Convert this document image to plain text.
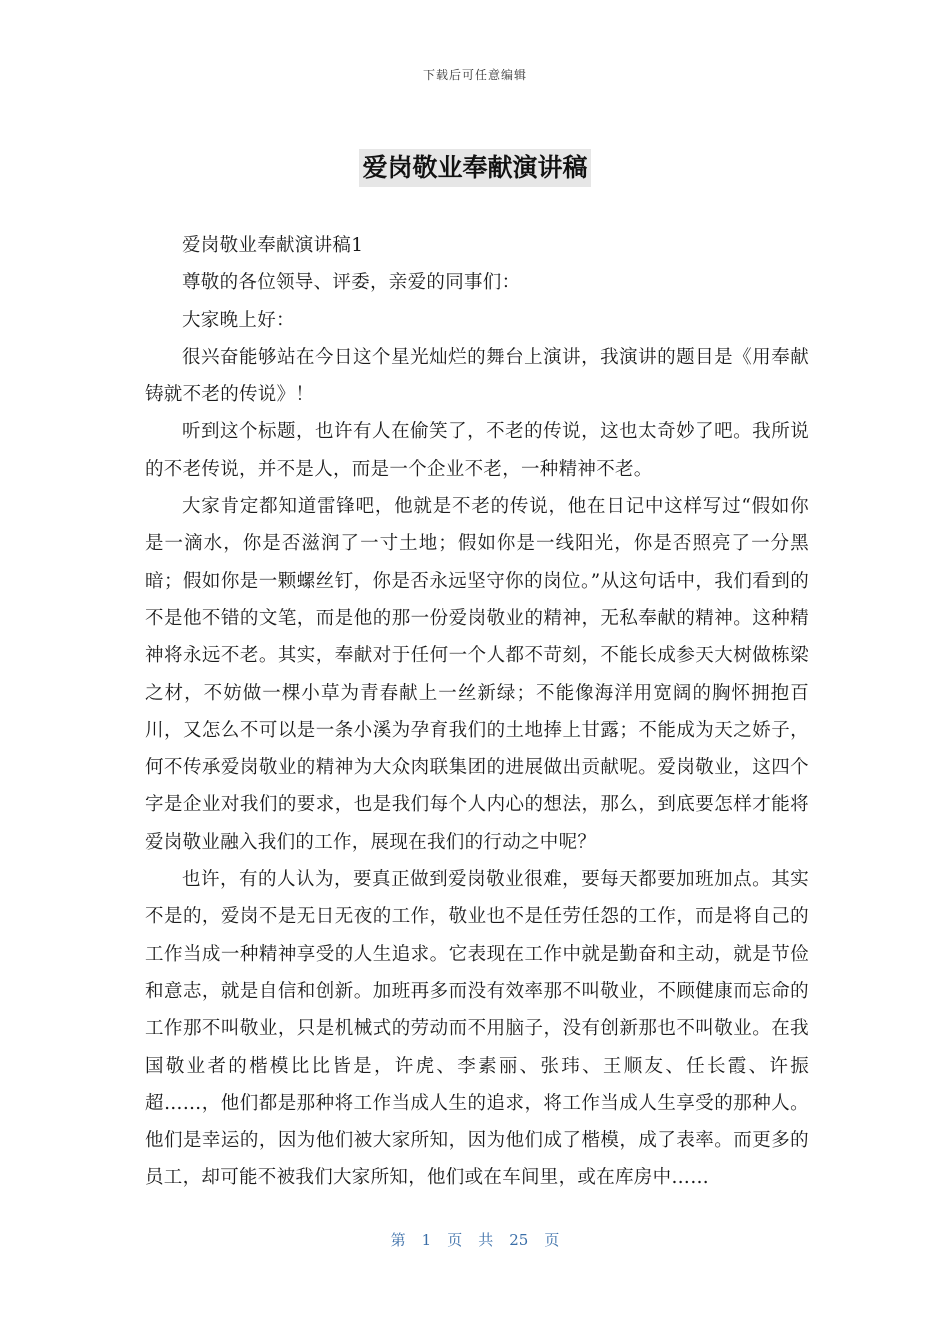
下载后可任意编辑
爱岗敬业奉献演讲稿

爱岗敬业奉献演讲稿1

尊敬的各位领导、评委，亲爱的同事们：

大家晚上好：

很兴奋能够站在今日这个星光灿烂的舞台上演讲，我演讲的题目是《用奉献铸就不老的传说》！

听到这个标题，也许有人在偷笑了，不老的传说，这也太奇妙了吧。我所说的不老传说，并不是人，而是一个企业不老，一种精神不老。

大家肯定都知道雷锋吧，他就是不老的传说，他在日记中这样写过“假如你是一滴水，你是否滋润了一寸土地；假如你是一线阳光，你是否照亮了一分黑暗；假如你是一颗螺丝钉，你是否永远坚守你的岗位。”从这句话中，我们看到的不是他不错的文笔，而是他的那一份爱岗敬业的精神，无私奉献的精神。这种精神将永远不老。其实，奉献对于任何一个人都不苛刻，不能长成参天大树做栋梁之材，不妨做一棵小草为青春献上一丝新绿；不能像海洋用宽阔的胸怀拥抱百川，又怎么不可以是一条小溪为孕育我们的土地捧上甘露；不能成为天之娇子，何不传承爱岗敬业的精神为大众肉联集团的进展做出贡献呢。爱岗敬业，这四个字是企业对我们的要求，也是我们每个人内心的想法，那么，到底要怎样才能将爱岗敬业融入我们的工作，展现在我们的行动之中呢？

也许，有的人认为，要真正做到爱岗敬业很难，要每天都要加班加点。其实不是的，爱岗不是无日无夜的工作，敬业也不是任劳任怨的工作，而是将自己的工作当成一种精神享受的人生追求。它表现在工作中就是勤奋和主动，就是节俭和意志，就是自信和创新。加班再多而没有效率那不叫敬业，不顾健康而忘命的工作那不叫敬业，只是机械式的劳动而不用脑子，没有创新那也不叫敬业。在我国敬业者的楷模比比皆是，许虎、李素丽、张玮、王顺友、任长霞、许振超……，他们都是那种将工作当成人生的追求，将工作当成人生享受的那种人。他们是幸运的，因为他们被大家所知，因为他们成了楷模，成了表率。而更多的员工，却可能不被我们大家所知，他们或在车间里，或在库房中……

第 1 页 共 25 页
